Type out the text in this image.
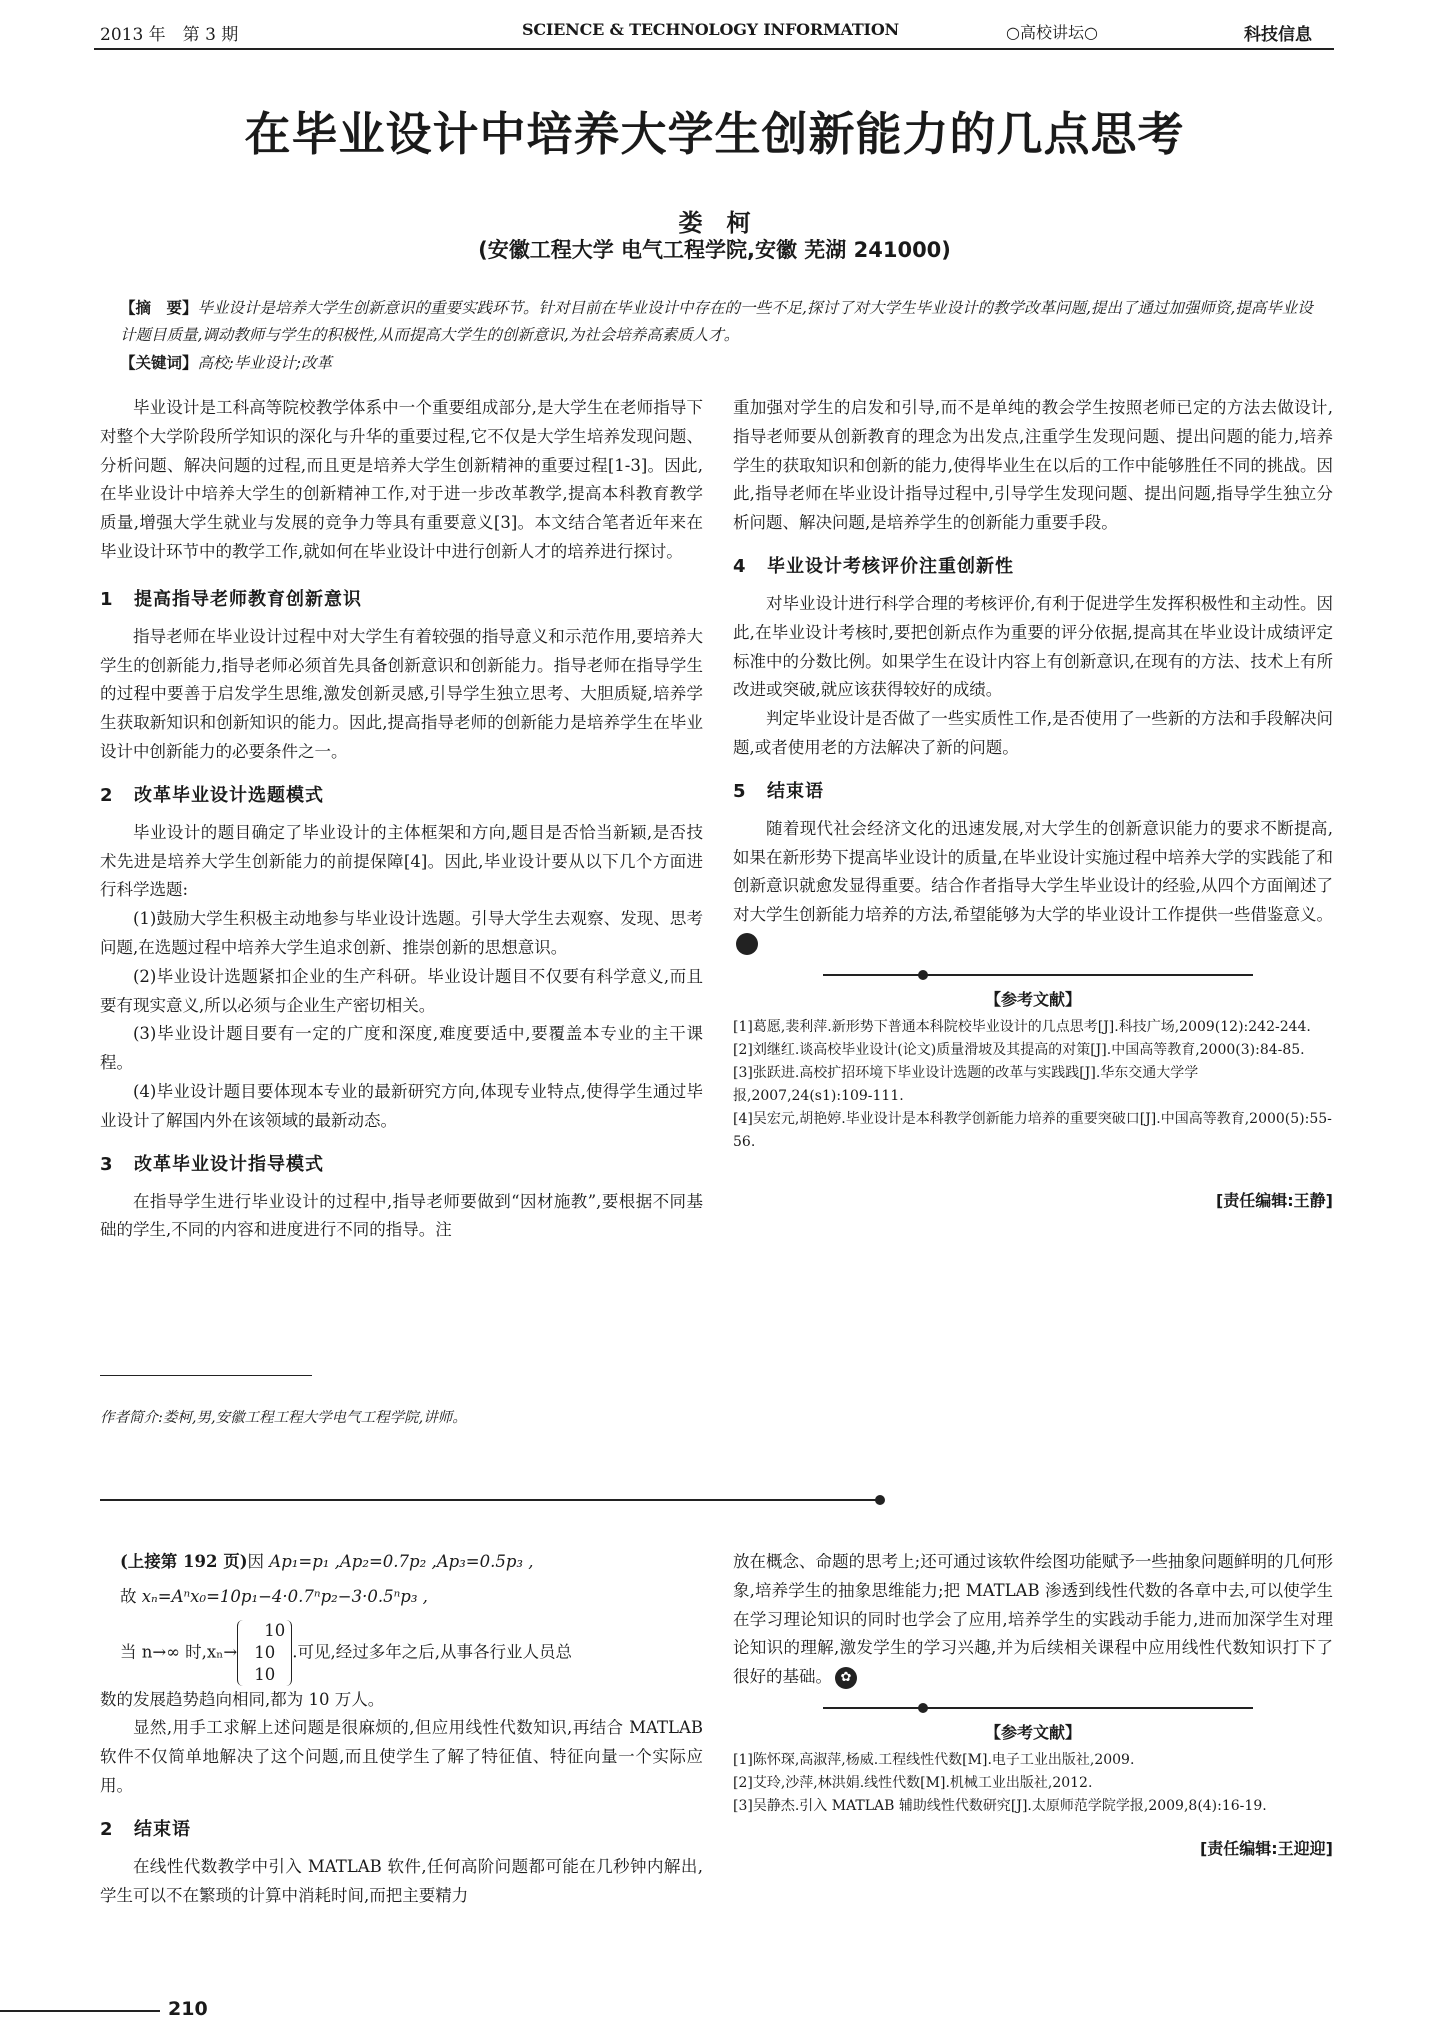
2013 年　第 3 期	SCIENCE & TECHNOLOGY INFORMATION	○高校讲坛○	科技信息
在毕业设计中培养大学生创新能力的几点思考
娄　柯
(安徽工程大学 电气工程学院,安徽 芜湖 241000)
【摘　要】毕业设计是培养大学生创新意识的重要实践环节。针对目前在毕业设计中存在的一些不足,探讨了对大学生毕业设计的教学改革问题,提出了通过加强师资,提高毕业设计题目质量,调动教师与学生的积极性,从而提高大学生的创新意识,为社会培养高素质人才。
【关键词】高校;毕业设计;改革

毕业设计是工科高等院校教学体系中一个重要组成部分,是大学生在老师指导下对整个大学阶段所学知识的深化与升华的重要过程,它不仅是大学生培养发现问题、分析问题、解决问题的过程,而且更是培养大学生创新精神的重要过程[1-3]。因此,在毕业设计中培养大学生的创新精神工作,对于进一步改革教学,提高本科教育教学质量,增强大学生就业与发展的竞争力等具有重要意义[3]。本文结合笔者近年来在毕业设计环节中的教学工作,就如何在毕业设计中进行创新人才的培养进行探讨。

1 提高指导老师教育创新意识

指导老师在毕业设计过程中对大学生有着较强的指导意义和示范作用,要培养大学生的创新能力,指导老师必须首先具备创新意识和创新能力。指导老师在指导学生的过程中要善于启发学生思维,激发创新灵感,引导学生独立思考、大胆质疑,培养学生获取新知识和创新知识的能力。因此,提高指导老师的创新能力是培养学生在毕业设计中创新能力的必要条件之一。

2 改革毕业设计选题模式

毕业设计的题目确定了毕业设计的主体框架和方向,题目是否恰当新颖,是否技术先进是培养大学生创新能力的前提保障[4]。因此,毕业设计要从以下几个方面进行科学选题:

(1)鼓励大学生积极主动地参与毕业设计选题。引导大学生去观察、发现、思考问题,在选题过程中培养大学生追求创新、推崇创新的思想意识。

(2)毕业设计选题紧扣企业的生产科研。毕业设计题目不仅要有科学意义,而且要有现实意义,所以必须与企业生产密切相关。

(3)毕业设计题目要有一定的广度和深度,难度要适中,要覆盖本专业的主干课程。

(4)毕业设计题目要体现本专业的最新研究方向,体现专业特点,使得学生通过毕业设计了解国内外在该领域的最新动态。

3 改革毕业设计指导模式

在指导学生进行毕业设计的过程中,指导老师要做到“因材施教”,要根据不同基础的学生,不同的内容和进度进行不同的指导。注

重加强对学生的启发和引导,而不是单纯的教会学生按照老师已定的方法去做设计,指导老师要从创新教育的理念为出发点,注重学生发现问题、提出问题的能力,培养学生的获取知识和创新的能力,使得毕业生在以后的工作中能够胜任不同的挑战。因此,指导老师在毕业设计指导过程中,引导学生发现问题、提出问题,指导学生独立分析问题、解决问题,是培养学生的创新能力重要手段。

4 毕业设计考核评价注重创新性

对毕业设计进行科学合理的考核评价,有利于促进学生发挥积极性和主动性。因此,在毕业设计考核时,要把创新点作为重要的评分依据,提高其在毕业设计成绩评定标准中的分数比例。如果学生在设计内容上有创新意识,在现有的方法、技术上有所改进或突破,就应该获得较好的成绩。

判定毕业设计是否做了一些实质性工作,是否使用了一些新的方法和手段解决问题,或者使用老的方法解决了新的问题。

5 结束语

随着现代社会经济文化的迅速发展,对大学生的创新意识能力的要求不断提高,如果在新形势下提高毕业设计的质量,在毕业设计实施过程中培养大学的实践能了和创新意识就愈发显得重要。结合作者指导大学生毕业设计的经验,从四个方面阐述了对大学生创新能力培养的方法,希望能够为大学的毕业设计工作提供一些借鉴意义。✿

【参考文献】
[1]葛愿,裴利萍.新形势下普通本科院校毕业设计的几点思考[J].科技广场,2009(12):242-244.
[2]刘继红.谈高校毕业设计(论文)质量滑坡及其提高的对策[J].中国高等教育,2000(3):84-85.
[3]张跃进.高校扩招环境下毕业设计选题的改革与实践践[J].华东交通大学学报,2007,24(s1):109-111.
[4]吴宏元,胡艳婷.毕业设计是本科教学创新能力培养的重要突破口[J].中国高等教育,2000(5):55-56.
[责任编辑:王静]
作者简介:娄柯,男,安徽工程工程大学电气工程学院,讲师。

(上接第 192 页)因 Ap₁=p₁ ,Ap₂=0.7p₂ ,Ap₃=0.5p₃ ,

故 xₙ=Aⁿx₀=10p₁−4·0.7ⁿp₂−3·0.5ⁿp₃ ,

当 n→∞ 时,xₙ→10
10
10.可见,经过多年之后,从事各行业人员总

数的发展趋势趋向相同,都为 10 万人。

显然,用手工求解上述问题是很麻烦的,但应用线性代数知识,再结合 MATLAB 软件不仅简单地解决了这个问题,而且使学生了解了特征值、特征向量一个实际应用。

2 结束语

在线性代数教学中引入 MATLAB 软件,任何高阶问题都可能在几秒钟内解出,学生可以不在繁琐的计算中消耗时间,而把主要精力

放在概念、命题的思考上;还可通过该软件绘图功能赋予一些抽象问题鲜明的几何形象,培养学生的抽象思维能力;把 MATLAB 渗透到线性代数的各章中去,可以使学生在学习理论知识的同时也学会了应用,培养学生的实践动手能力,进而加深学生对理论知识的理解,激发学生的学习兴趣,并为后续相关课程中应用线性代数知识打下了很好的基础。 ✿

【参考文献】
[1]陈怀琛,高淑萍,杨威.工程线性代数[M].电子工业出版社,2009.
[2]艾玲,沙萍,林洪娟.线性代数[M].机械工业出版社,2012.
[3]吴静杰.引入 MATLAB 辅助线性代数研究[J].太原师范学院学报,2009,8(4):16-19.
[责任编辑:王迎迎]
210
